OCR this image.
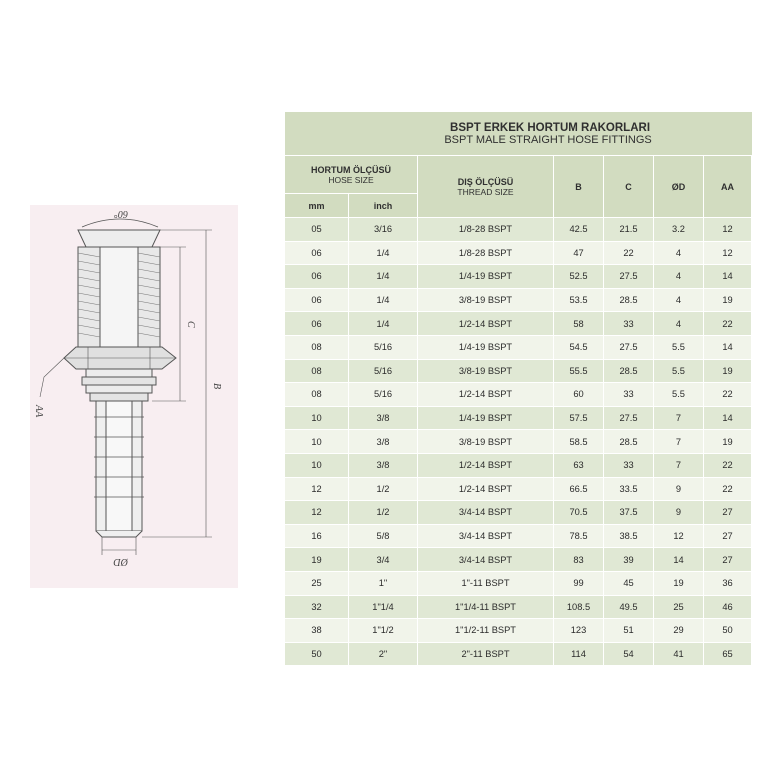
60°
C
B
AA
ØD
BSPT ERKEK HORTUM RAKORLARI
BSPT MALE STRAIGHT HOSE FITTINGS						

HORTUM ÖLÇÜSÜ
HOSE SIZE		DIŞ ÖLÇÜSÜ
THREAD SIZE	B	C	ØD	AA
mm	inch					
05	3/16	1/8-28 BSPT	42.5	21.5	3.2	12
06	1/4	1/8-28 BSPT	47	22	4	12
06	1/4	1/4-19 BSPT	52.5	27.5	4	14
06	1/4	3/8-19 BSPT	53.5	28.5	4	19
06	1/4	1/2-14 BSPT	58	33	4	22
08	5/16	1/4-19 BSPT	54.5	27.5	5.5	14
08	5/16	3/8-19 BSPT	55.5	28.5	5.5	19
08	5/16	1/2-14 BSPT	60	33	5.5	22
10	3/8	1/4-19 BSPT	57.5	27.5	7	14
10	3/8	3/8-19 BSPT	58.5	28.5	7	19
10	3/8	1/2-14 BSPT	63	33	7	22
12	1/2	1/2-14 BSPT	66.5	33.5	9	22
12	1/2	3/4-14 BSPT	70.5	37.5	9	27
16	5/8	3/4-14 BSPT	78.5	38.5	12	27
19	3/4	3/4-14 BSPT	83	39	14	27
25	1"	1"-11 BSPT	99	45	19	36
32	1"1/4	1"1/4-11 BSPT	108.5	49.5	25	46
38	1"1/2	1"1/2-11 BSPT	123	51	29	50
50	2"	2"-11 BSPT	114	54	41	65
